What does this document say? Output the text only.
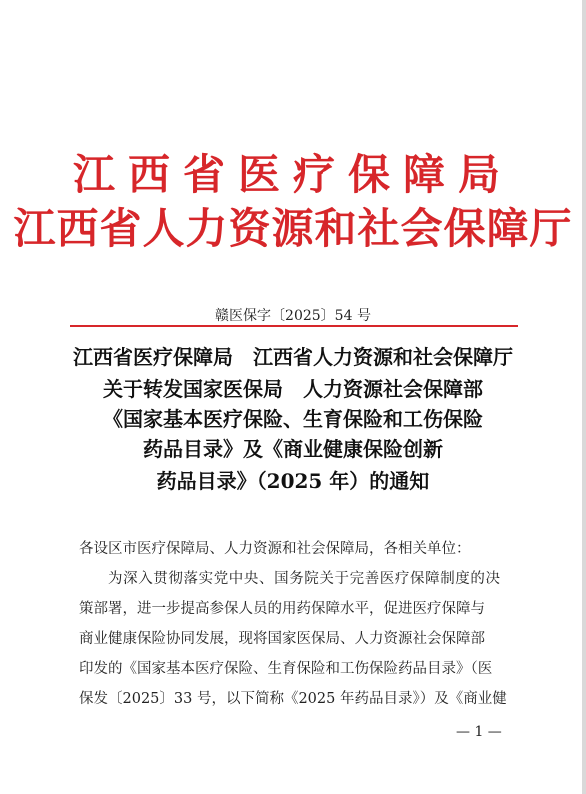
江西省医疗保障局
江西省人力资源和社会保障厅
赣医保字〔2025〕54 号
江西省医疗保障局　江西省人力资源和社会保障厅
关于转发国家医保局　人力资源社会保障部
《国家基本医疗保险、生育保险和工伤保险
药品目录》及《商业健康保险创新
药品目录》（2025 年）的通知
各设区市医疗保障局、人力资源和社会保障局，各相关单位：
为深入贯彻落实党中央、国务院关于完善医疗保障制度的决
策部署，进一步提高参保人员的用药保障水平，促进医疗保障与
商业健康保险协同发展，现将国家医保局、人力资源社会保障部
印发的《国家基本医疗保险、生育保险和工伤保险药品目录》（医
保发〔2025〕33 号，以下简称《2025 年药品目录》）及《商业健
— 1 —
